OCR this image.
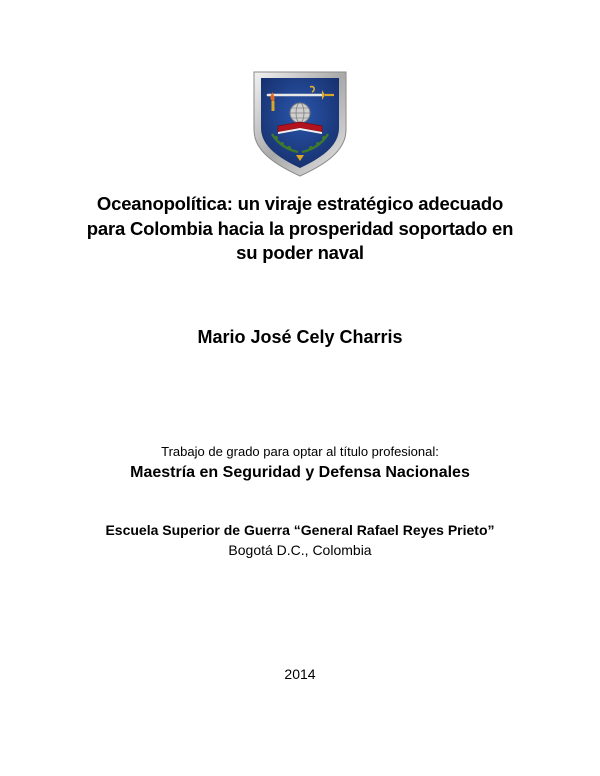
Oceanopolítica: un viraje estratégico adecuado
para Colombia hacia la prosperidad soportado en
su poder naval

Mario José Cely Charris

Trabajo de grado para optar al título profesional:

Maestría en Seguridad y Defensa Nacionales

Escuela Superior de Guerra “General Rafael Reyes Prieto”

Bogotá D.C., Colombia

2014
